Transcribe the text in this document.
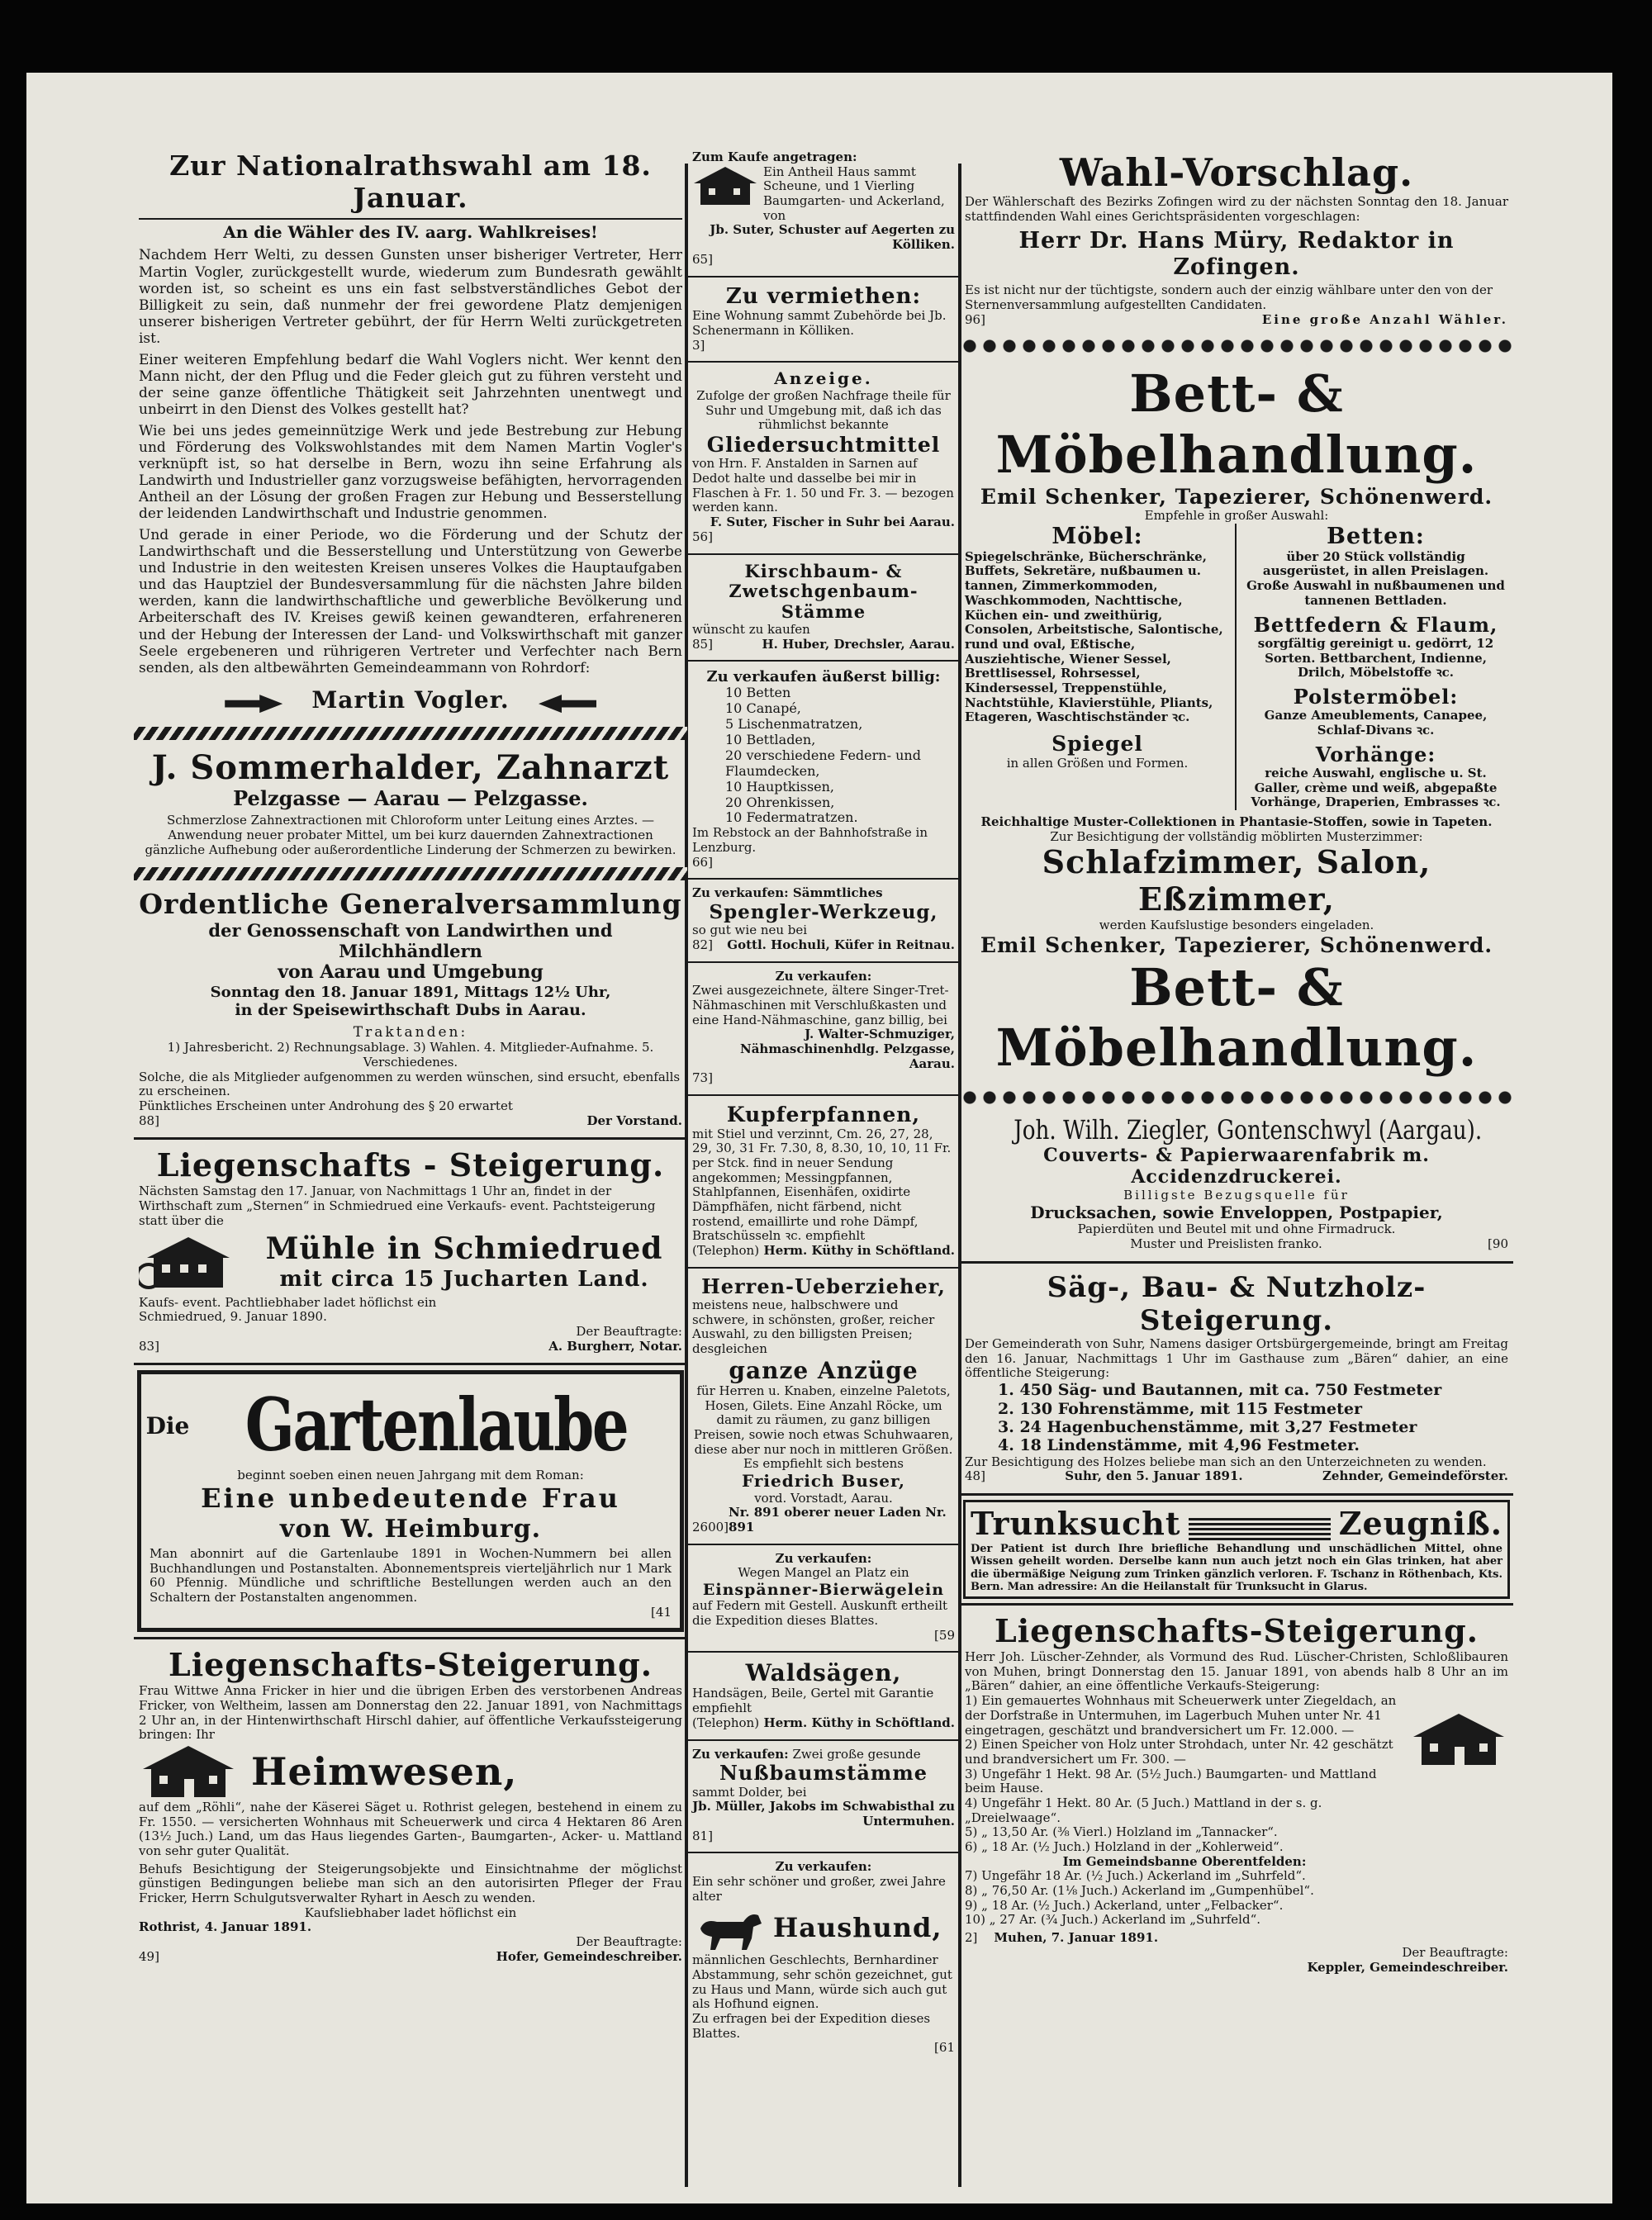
Zur Nationalrathswahl am 18. Januar.
An die Wähler des IV. aarg. Wahlkreises!

Nachdem Herr Welti, zu dessen Gunsten unser bisheriger Vertreter, Herr Martin Vogler, zurückgestellt wurde, wiederum zum Bundesrath gewählt worden ist, so scheint es uns ein fast selbstverständliches Gebot der Billigkeit zu sein, daß nunmehr der frei gewordene Platz demjenigen unserer bisherigen Vertreter gebührt, der für Herrn Welti zurückgetreten ist.

Einer weiteren Empfehlung bedarf die Wahl Voglers nicht. Wer kennt den Mann nicht, der den Pflug und die Feder gleich gut zu führen versteht und der seine ganze öffentliche Thätigkeit seit Jahrzehnten unentwegt und unbeirrt in den Dienst des Volkes gestellt hat?

Wie bei uns jedes gemeinnützige Werk und jede Bestrebung zur Hebung und Förderung des Volkswohlstandes mit dem Namen Martin Vogler's verknüpft ist, so hat derselbe in Bern, wozu ihn seine Erfahrung als Landwirth und Industrieller ganz vorzugsweise befähigten, hervorragenden Antheil an der Lösung der großen Fragen zur Hebung und Besserstellung der leidenden Landwirthschaft und Industrie genommen.

Und gerade in einer Periode, wo die Förderung und der Schutz der Landwirthschaft und die Besserstellung und Unterstützung von Gewerbe und Industrie in den weitesten Kreisen unseres Volkes die Hauptaufgaben und das Hauptziel der Bundesversammlung für die nächsten Jahre bilden werden, kann die landwirthschaftliche und gewerbliche Bevölkerung und Arbeiterschaft des IV. Kreises gewiß keinen gewandteren, erfahreneren und der Hebung der Interessen der Land- und Volkswirthschaft mit ganzer Seele ergebeneren und rührigeren Vertreter und Verfechter nach Bern senden, als den altbewährten Gemeindeammann von Rohrdorf:

Martin Vogler.
J. Sommerhalder, Zahnarzt
Pelzgasse — Aarau — Pelzgasse.

Schmerzlose Zahnextractionen mit Chloroform unter Leitung eines Arztes. — Anwendung neuer probater Mittel, um bei kurz dauernden Zahnextractionen gänzliche Aufhebung oder außerordentliche Linderung der Schmerzen zu bewirken.

Ordentliche Generalversammlung
der Genossenschaft von Landwirthen und Milchhändlern
von Aarau und Umgebung
Sonntag den 18. Januar 1891, Mittags 12½ Uhr,
in der Speisewirthschaft Dubs in Aarau.
Traktanden:

1) Jahresbericht. 2) Rechnungsablage. 3) Wahlen. 4. Mitglieder-Aufnahme. 5. Verschiedenes.

Solche, die als Mitglieder aufgenommen zu werden wünschen, sind ersucht, ebenfalls zu erscheinen.

Pünktliches Erscheinen unter Androhung des § 20 erwartet

88]	Der Vorstand.
Liegenschafts - Steigerung.

Nächsten Samstag den 17. Januar, von Nachmittags 1 Uhr an, findet in der Wirthschaft zum „Sternen“ in Schmiedrued eine Verkaufs- event. Pachtsteigerung statt über die

Mühle in Schmiedrued
mit circa 15 Jucharten Land.

Kaufs- event. Pachtliebhaber ladet höflichst ein

Schmiedrued, 9. Januar 1890.

Der Beauftragte:
83]	A. Burgherr, Notar.
Die Gartenlaube

beginnt soeben einen neuen Jahrgang mit dem Roman:

Eine unbedeutende Frau
von W. Heimburg.

Man abonnirt auf die Gartenlaube 1891 in Wochen-Nummern bei allen Buchhandlungen und Postanstalten. Abonnementspreis vierteljährlich nur 1 Mark 60 Pfennig. Mündliche und schriftliche Bestellungen werden auch an den Schaltern der Postanstalten angenommen.

[41
Liegenschafts-Steigerung.

Frau Wittwe Anna Fricker in hier und die übrigen Erben des verstorbenen Andreas Fricker, von Weltheim, lassen am Donnerstag den 22. Januar 1891, von Nachmittags 2 Uhr an, in der Hintenwirthschaft Hirschl dahier, auf öffentliche Verkaufssteigerung bringen: Ihr

Heimwesen,

auf dem „Röhli“, nahe der Käserei Säget u. Rothrist gelegen, bestehend in einem zu Fr. 1550. — versicherten Wohnhaus mit Scheuerwerk und circa 4 Hektaren 86 Aren (13½ Juch.) Land, um das Haus liegendes Garten-, Baumgarten-, Acker- u. Mattland von sehr guter Qualität.

Behufs Besichtigung der Steigerungsobjekte und Einsichtnahme der möglichst günstigen Bedingungen beliebe man sich an den autorisirten Pfleger der Frau Fricker, Herrn Schulgutsverwalter Ryhart in Aesch zu wenden.

Kaufsliebhaber ladet höflichst ein

Rothrist, 4. Januar 1891.

Der Beauftragte:
49]	Hofer, Gemeindeschreiber.
Zum Kaufe angetragen:

Ein Antheil Haus sammt Scheune, und 1 Vierling Baumgarten- und Ackerland, von

Jb. Suter, Schuster auf Aegerten zu Kölliken.

65]
Zu vermiethen:

Eine Wohnung sammt Zubehörde bei Jb. Schenermann in Kölliken.

3]
Anzeige.

Zufolge der großen Nachfrage theile für Suhr und Umgebung mit, daß ich das rühmlichst bekannte

Gliedersuchtmittel

von Hrn. F. Anstalden in Sarnen auf Dedot halte und dasselbe bei mir in Flaschen à Fr. 1. 50 und Fr. 3. — bezogen werden kann.

F. Suter, Fischer in Suhr bei Aarau.

56]
Kirschbaum- & Zwetschgenbaum-Stämme

wünscht zu kaufen

85]	H. Huber, Drechsler, Aarau.
Zu verkaufen äußerst billig:
10 Betten
10 Canapé,
5 Lischenmatratzen,
10 Bettladen,
20 verschiedene Federn- und Flaumdecken,
10 Hauptkissen,
20 Ohrenkissen,
10 Federmatratzen.

Im Rebstock an der Bahnhofstraße in Lenzburg.

66]
Zu verkaufen: Sämmtliches
Spengler-Werkzeug,

so gut wie neu bei

82] Gottl. Hochuli, Küfer in Reitnau.
Zu verkaufen:

Zwei ausgezeichnete, ältere Singer-Tret-Nähmaschinen mit Verschlußkasten und eine Hand-Nähmaschine, ganz billig, bei

J. Walter-Schmuziger, Nähmaschinenhdlg. Pelzgasse, Aarau.

73]
Kupferpfannen,

mit Stiel und verzinnt, Cm. 26, 27, 28, 29, 30, 31 Fr. 7.30, 8, 8.30, 10, 10, 11 Fr. per Stck. find in neuer Sendung angekommen; Messingpfannen, Stahlpfannen, Eisenhäfen, oxidirte Dämpfhäfen, nicht färbend, nicht rostend, emaillirte und rohe Dämpf, Bratschüsseln ꝛc. empfiehlt

(Telephon) Herm. Küthy in Schöftland.
Herren-Ueberzieher,

meistens neue, halbschwere und schwere, in schönsten, großer, reicher Auswahl, zu den billigsten Preisen; desgleichen

ganze Anzüge

für Herren u. Knaben, einzelne Paletots, Hosen, Gilets. Eine Anzahl Röcke, um damit zu räumen, zu ganz billigen Preisen, sowie noch etwas Schuhwaaren, diese aber nur noch in mittleren Größen.

Es empfiehlt sich bestens

Friedrich Buser,
vord. Vorstadt, Aarau.
2600]
Nr. 891 oberer neuer Laden Nr. 891
Zu verkaufen:

Wegen Mangel an Platz ein

Einspänner-Bierwägelein

auf Federn mit Gestell. Auskunft ertheilt die Expedition dieses Blattes.

[59
Waldsägen,

Handsägen, Beile, Gertel mit Garantie empfiehlt

(Telephon) Herm. Küthy in Schöftland.
Zu verkaufen: Zwei große gesunde
Nußbaumstämme

sammt Dolder, bei

Jb. Müller, Jakobs im Schwabisthal zu Untermuhen.

81]
Zu verkaufen:

Ein sehr schöner und großer, zwei Jahre alter

Haushund,

männlichen Geschlechts, Bernhardiner Abstammung, sehr schön gezeichnet, gut zu Haus und Mann, würde sich auch gut als Hofhund eignen.

Zu erfragen bei der Expedition dieses Blattes.

[61
Wahl-Vorschlag.

Der Wählerschaft des Bezirks Zofingen wird zu der nächsten Sonntag den 18. Januar stattfindenden Wahl eines Gerichtspräsidenten vorgeschlagen:

Herr Dr. Hans Müry, Redaktor in Zofingen.

Es ist nicht nur der tüchtigste, sondern auch der einzig wählbare unter den von der Sternenversammlung aufgestellten Candidaten.

96]	Eine große Anzahl Wähler.
Bett- & Möbelhandlung.
Emil Schenker, Tapezierer, Schönenwerd.
Empfehle in großer Auswahl:
Möbel:

Spiegelschränke, Bücherschränke, Buffets, Sekretäre, nußbaumen u. tannen, Zimmerkommoden, Waschkommoden, Nachttische, Küchen ein- und zweithürig, Consolen, Arbeitstische, Salontische, rund und oval, Eßtische, Ausziehtische, Wiener Sessel, Brettlisessel, Rohrsessel, Kindersessel, Treppenstühle, Nachtstühle, Klavierstühle, Pliants, Etageren, Waschtischständer ꝛc.

Spiegel

in allen Größen und Formen.

Betten:

über 20 Stück vollständig ausgerüstet, in allen Preislagen. Große Auswahl in nußbaumenen und tannenen Bettladen.

Bettfedern & Flaum,

sorgfältig gereinigt u. gedörrt, 12 Sorten. Bettbarchent, Indienne, Drilch, Möbelstoffe ꝛc.

Polstermöbel:

Ganze Ameublements, Canapee, Schlaf-Divans ꝛc.

Vorhänge:

reiche Auswahl, englische u. St. Galler, crème und weiß, abgepaßte Vorhänge, Draperien, Embrasses ꝛc.

Reichhaltige Muster-Collektionen in Phantasie-Stoffen, sowie in Tapeten.

Zur Besichtigung der vollständig möblirten Musterzimmer:

Schlafzimmer, Salon, Eßzimmer,

werden Kaufslustige besonders eingeladen.

Emil Schenker, Tapezierer, Schönenwerd.
Bett- & Möbelhandlung.
Joh. Wilh. Ziegler, Gontenschwyl (Aargau).
Couverts- & Papierwaarenfabrik m. Accidenzdruckerei.

Billigste Bezugsquelle für

Drucksachen, sowie Enveloppen, Postpapier,

Papierdüten und Beutel mit und ohne Firmadruck.

Muster und Preislisten franko.	[90
Säg-, Bau- & Nutzholz-Steigerung.

Der Gemeinderath von Suhr, Namens dasiger Ortsbürgergemeinde, bringt am Freitag den 16. Januar, Nachmittags 1 Uhr im Gasthause zum „Bären“ dahier, an eine öffentliche Steigerung:

1. 450 Säg- und Bautannen, mit ca. 750 Festmeter
2. 130 Fohrenstämme, mit 115 Festmeter
3. 24 Hagenbuchenstämme, mit 3,27 Festmeter
4. 18 Lindenstämme, mit 4,96 Festmeter.

Zur Besichtigung des Holzes beliebe man sich an den Unterzeichneten zu wenden.

48]	Suhr, den 5. Januar 1891.	Zehnder, Gemeindeförster.
Trunksucht	Zeugniß.

Der Patient ist durch Ihre briefliche Behandlung und unschädlichen Mittel, ohne Wissen geheilt worden. Derselbe kann nun auch jetzt noch ein Glas trinken, hat aber die übermäßige Neigung zum Trinken gänzlich verloren. F. Tschanz in Röthenbach, Kts. Bern. Man adressire: An die Heilanstalt für Trunksucht in Glarus.

Liegenschafts-Steigerung.

Herr Joh. Lüscher-Zehnder, als Vormund des Rud. Lüscher-Christen, Schloßlibauren von Muhen, bringt Donnerstag den 15. Januar 1891, von abends halb 8 Uhr an im „Bären“ dahier, an eine öffentliche Verkaufs-Steigerung:

1) Ein gemauertes Wohnhaus mit Scheuerwerk unter Ziegeldach, an der Dorfstraße in Untermuhen, im Lagerbuch Muhen unter Nr. 41 eingetragen, geschätzt und brandversichert um Fr. 12.000. —
2) Einen Speicher von Holz unter Strohdach, unter Nr. 42 geschätzt und brandversichert um Fr. 300. —
3) Ungefähr 1 Hekt. 98 Ar. (5½ Juch.) Baumgarten- und Mattland beim Hause.
4) Ungefähr 1 Hekt. 80 Ar. (5 Juch.) Mattland in der s. g. „Dreielwaage“.
5) „ 13,50 Ar. (⅜ Vierl.) Holzland im „Tannacker“.
6) „ 18 Ar. (½ Juch.) Holzland in der „Kohlerweid“.
Im Gemeindsbanne Oberentfelden:
7) Ungefähr 18 Ar. (½ Juch.) Ackerland im „Suhrfeld“.
8) „ 76,50 Ar. (1⅛ Juch.) Ackerland im „Gumpenhübel“.
9) „ 18 Ar. (½ Juch.) Ackerland, unter „Felbacker“.
10) „ 27 Ar. (¾ Juch.) Ackerland im „Suhrfeld“.
2]	Muhen, 7. Januar 1891.
Der Beauftragte:
Keppler, Gemeindeschreiber.
